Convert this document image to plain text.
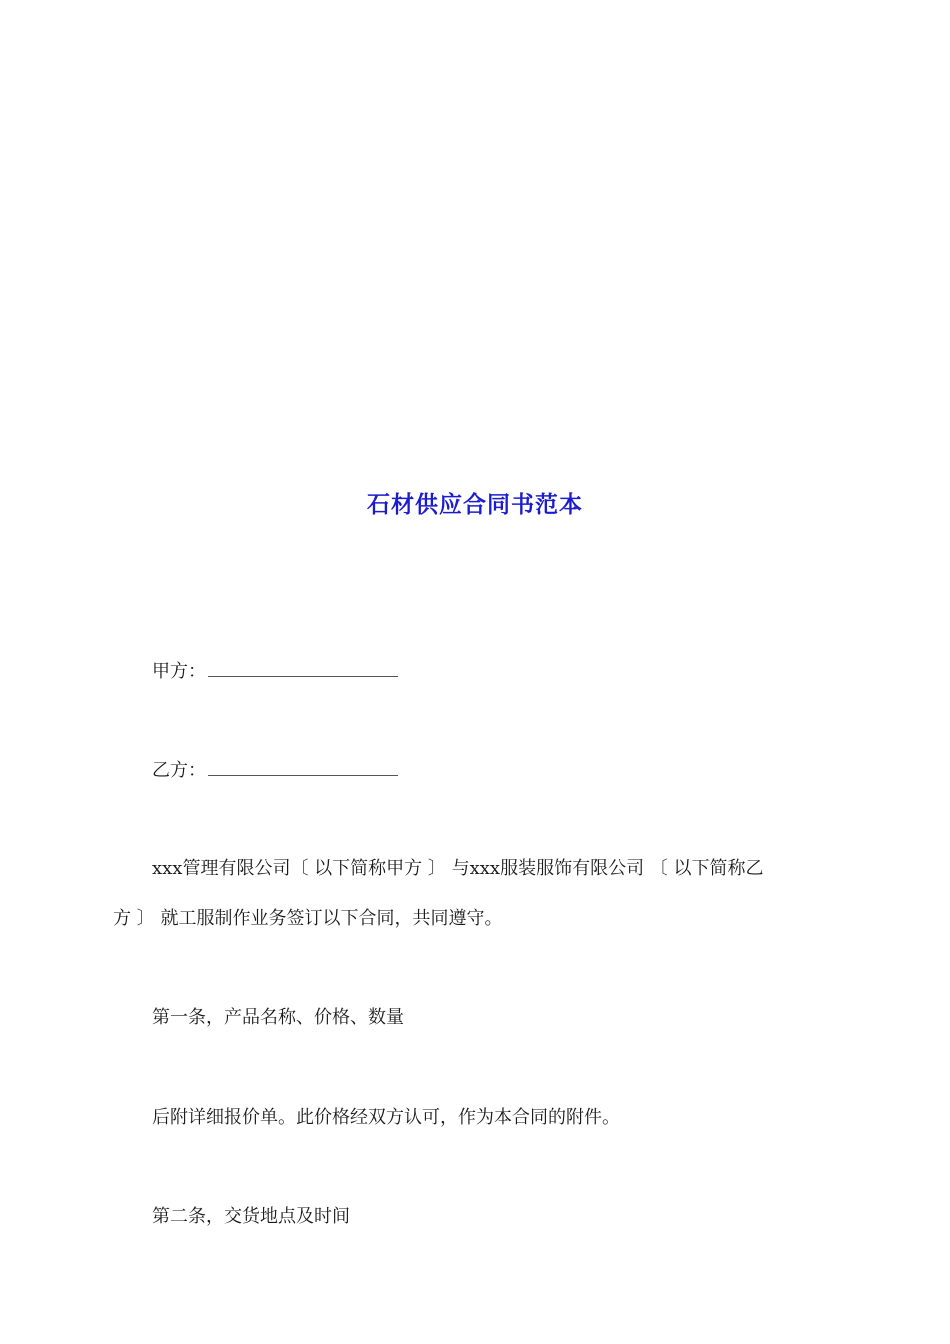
石材供应合同书范本
甲方：
乙方：
xxx管理有限公司〔 以下简称甲方 〕 与xxx服装服饰有限公司 〔 以下简称乙
方 〕 就工服制作业务签订以下合同，共同遵守。
第一条，产品名称、价格、数量
后附详细报价单。此价格经双方认可，作为本合同的附件。
第二条，交货地点及时间
